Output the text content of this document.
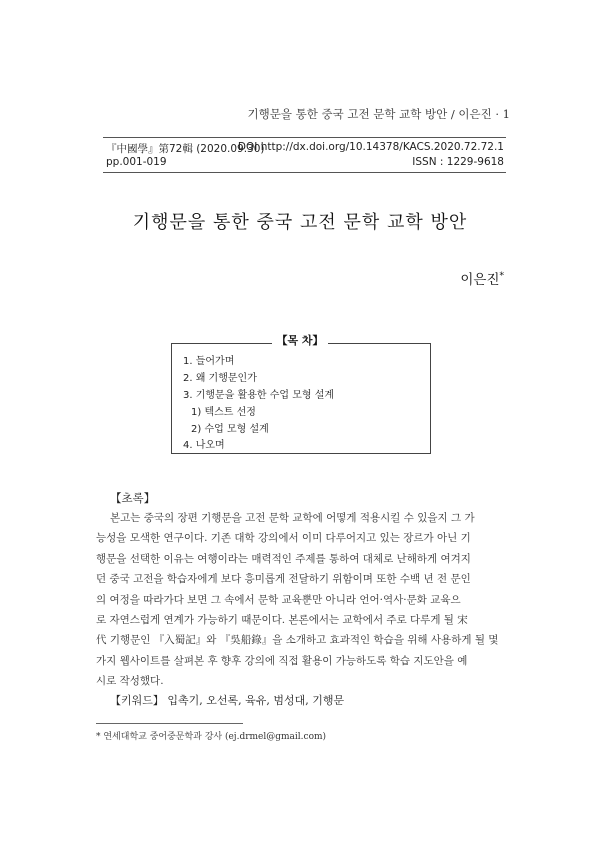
기행문을 통한 중국 고전 문학 교학 방안 / 이은진 · 1
『中國學』第72輯 (2020.09.30)
DOI http://dx.doi.org/10.14378/KACS.2020.72.72.1
pp.001-019	ISSN : 1229-9618
기행문을 통한 중국 고전 문학 교학 방안
이은진*
1. 들어가며
2. 왜 기행문인가
3. 기행문을 활용한 수업 모형 설계
1) 텍스트 선정
2) 수업 모형 설계
4. 나오며
【목 차】
【초록】
본고는 중국의 장편 기행문을 고전 문학 교학에 어떻게 적용시킬 수 있을지 그 가
능성을 모색한 연구이다. 기존 대학 강의에서 이미 다루어지고 있는 장르가 아닌 기
행문을 선택한 이유는 여행이라는 매력적인 주제를 통하여 대체로 난해하게 여겨지
던 중국 고전을 학습자에게 보다 흥미롭게 전달하기 위함이며 또한 수백 년 전 문인
의 여정을 따라가다 보면 그 속에서 문학 교육뿐만 아니라 언어·역사·문화 교육으
로 자연스럽게 연계가 가능하기 때문이다. 본론에서는 교학에서 주로 다루게 될 宋
代 기행문인 『入蜀記』와 『吳船錄』을 소개하고 효과적인 학습을 위해 사용하게 될 몇
가지 웹사이트를 살펴본 후 향후 강의에 직접 활용이 가능하도록 학습 지도안을 예
시로 작성했다.
【키워드】 입촉기, 오선록, 육유, 범성대, 기행문
* 연세대학교 중어중문학과 강사 (ej.drmel@gmail.com)
